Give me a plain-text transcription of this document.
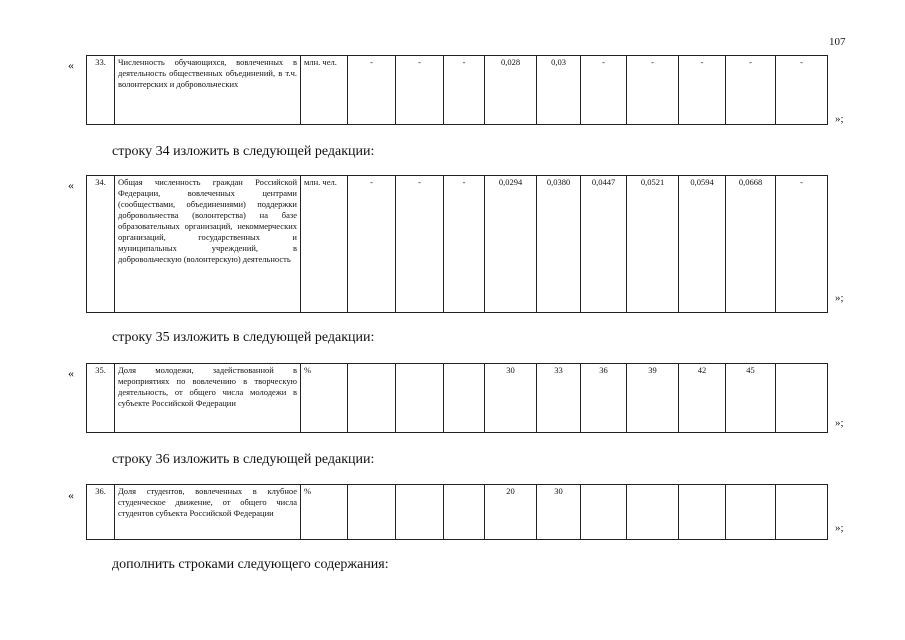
107
« 33.	Численность обучающихся, вовлеченных в деятельность общественных объединений, в т.ч. волонтерских и добровольческих	млн. чел.	-	-	-	0,028	0,03	-	-	-	-	-
»;
строку 34 изложить в следующей редакции:
« 34.	Общая численность граждан Российской Федерации, вовлеченных центрами (сообществами, объединениями) поддержки добровольчества (волонтерства) на базе образовательных организаций, некоммерческих организаций, государственных и муниципальных учреждений, в добровольческую (волонтерскую) деятельность	млн. чел.	-	-	-	0,0294	0,0380	0,0447	0,0521	0,0594	0,0668	-
»;
строку 35 изложить в следующей редакции:
« 35.	Доля молодежи, задействованной в мероприятиях по вовлечению в творческую деятельность, от общего числа молодежи в субъекте Российской Федерации	%				30	33	36	39	42	45	
»;
строку 36 изложить в следующей редакции:
« 36.	Доля студентов, вовлеченных в клубное студенческое движение, от общего числа студентов субъекта Российской Федерации	%				20	30					
»;
дополнить строками следующего содержания:
